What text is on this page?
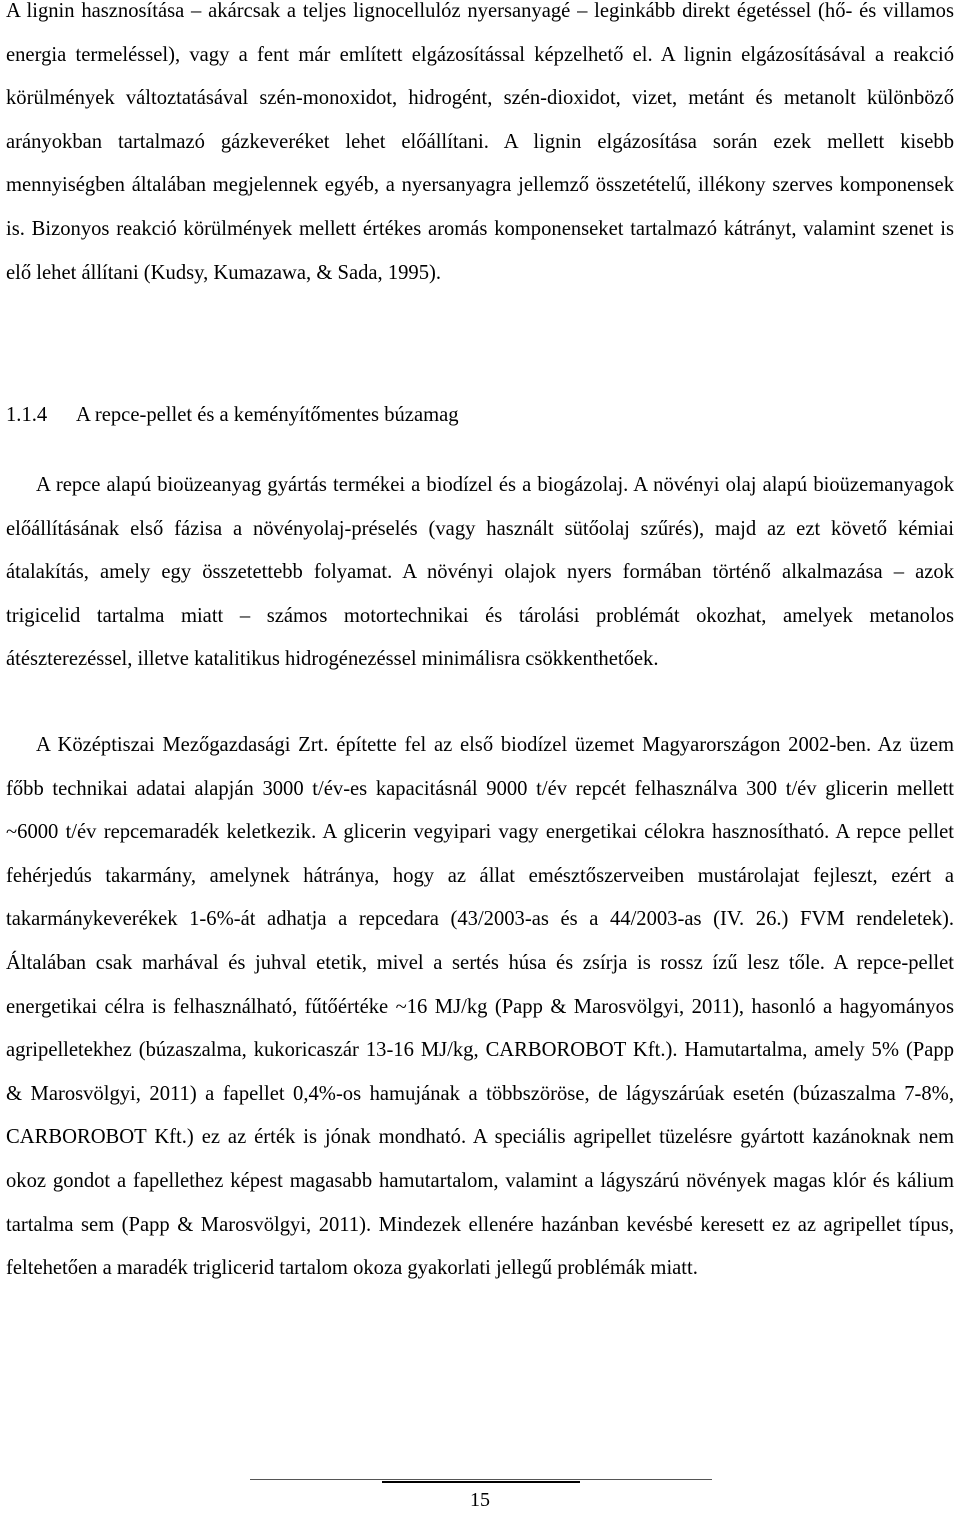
A lignin hasznosítása – akárcsak a teljes lignocellulóz nyersanyagé – leginkább direkt égetéssel (hő- és villamos energia termeléssel), vagy a fent már említett elgázosítással képzelhető el. A lignin elgázosításával a reakció körülmények változtatásával szén-monoxidot, hidrogént, szén-dioxidot, vizet, metánt és metanolt különböző arányokban tartalmazó gázkeveréket lehet előállítani. A lignin elgázosítása során ezek mellett kisebb mennyiségben általában megjelennek egyéb, a nyersanyagra jellemző összetételű, illékony szerves komponensek is. Bizonyos reakció körülmények mellett értékes aromás komponenseket tartalmazó kátrányt, valamint szenet is elő lehet állítani (Kudsy, Kumazawa, & Sada, 1995).

1.1.4 A repce-pellet és a keményítőmentes búzamag

A repce alapú bioüzeanyag gyártás termékei a biodízel és a biogázolaj. A növényi olaj alapú bioüzemanyagok előállításának első fázisa a növényolaj-préselés (vagy használt sütőolaj szűrés), majd az ezt követő kémiai átalakítás, amely egy összetettebb folyamat. A növényi olajok nyers formában történő alkalmazása – azok trigicelid tartalma miatt – számos motortechnikai és tárolási problémát okozhat, amelyek metanolos átészterezéssel, illetve katalitikus hidrogénezéssel minimálisra csökkenthetőek.

A Középtiszai Mezőgazdasági Zrt. építette fel az első biodízel üzemet Magyarországon 2002-ben. Az üzem főbb technikai adatai alapján 3000 t/év-es kapacitásnál 9000 t/év repcét felhasználva 300 t/év glicerin mellett ~6000 t/év repcemaradék keletkezik. A glicerin vegyipari vagy energetikai célokra hasznosítható. A repce pellet fehérjedús takarmány, amelynek hátránya, hogy az állat emésztőszerveiben mustárolajat fejleszt, ezért a takarmánykeverékek 1-6%-át adhatja a repcedara (43/2003-as és a 44/2003-as (IV. 26.) FVM rendeletek). Általában csak marhával és juhval etetik, mivel a sertés húsa és zsírja is rossz ízű lesz tőle. A repce-pellet energetikai célra is felhasználható, fűtőértéke ~16 MJ/kg (Papp & Marosvölgyi, 2011), hasonló a hagyományos agripelletekhez (búzaszalma, kukoricaszár 13-16 MJ/kg, CARBOROBOT Kft.). Hamutartalma, amely 5% (Papp & Marosvölgyi, 2011) a fapellet 0,4%-os hamujának a többszöröse, de lágyszárúak esetén (búzaszalma 7-8%, CARBOROBOT Kft.) ez az érték is jónak mondható. A speciális agripellet tüzelésre gyártott kazánoknak nem okoz gondot a fapellethez képest magasabb hamutartalom, valamint a lágyszárú növények magas klór és kálium tartalma sem (Papp & Marosvölgyi, 2011). Mindezek ellenére hazánban kevésbé keresett ez az agripellet típus, feltehetően a maradék triglicerid tartalom okoza gyakorlati jellegű problémák miatt.

15
